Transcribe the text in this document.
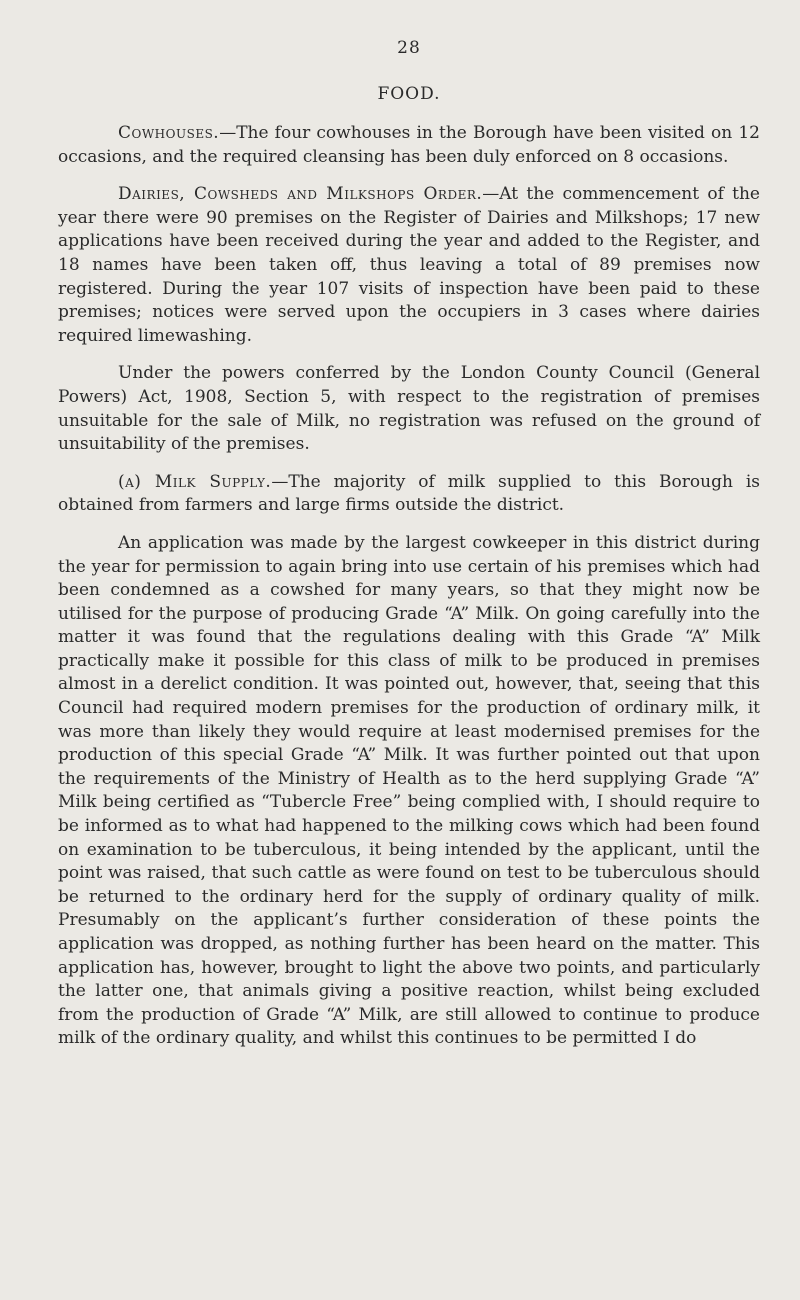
28
FOOD.

Cowhouses.—The four cowhouses in the Borough have been visited on 12 occasions, and the required cleansing has been duly enforced on 8 occasions.

Dairies, Cowsheds and Milkshops Order.—At the commencement of the year there were 90 premises on the Register of Dairies and Milkshops; 17 new applications have been received during the year and added to the Register, and 18 names have been taken off, thus leaving a total of 89 premises now registered. During the year 107 visits of inspection have been paid to these premises; notices were served upon the occupiers in 3 cases where dairies required limewashing.

Under the powers conferred by the London County Council (General Powers) Act, 1908, Section 5, with respect to the registration of premises unsuitable for the sale of Milk, no registration was refused on the ground of unsuitability of the premises.

(a) Milk Supply.—The majority of milk supplied to this Borough is obtained from farmers and large firms outside the district.

An application was made by the largest cowkeeper in this district during the year for permission to again bring into use certain of his premises which had been condemned as a cowshed for many years, so that they might now be utilised for the purpose of producing Grade “A” Milk. On going carefully into the matter it was found that the regulations dealing with this Grade “A” Milk practically make it possible for this class of milk to be produced in premises almost in a derelict condition. It was pointed out, however, that, seeing that this Council had required modern premises for the production of ordinary milk, it was more than likely they would require at least modernised premises for the production of this special Grade “A” Milk. It was further pointed out that upon the requirements of the Ministry of Health as to the herd supplying Grade “A” Milk being certified as “Tubercle Free” being complied with, I should require to be informed as to what had happened to the milking cows which had been found on examination to be tuberculous, it being intended by the applicant, until the point was raised, that such cattle as were found on test to be tuberculous should be returned to the ordinary herd for the supply of ordinary quality of milk. Presumably on the applicant’s further consideration of these points the application was dropped, as nothing further has been heard on the matter. This application has, however, brought to light the above two points, and particularly the latter one, that animals giving a positive reaction, whilst being excluded from the production of Grade “A” Milk, are still allowed to continue to produce milk of the ordinary quality, and whilst this continues to be permitted I do
